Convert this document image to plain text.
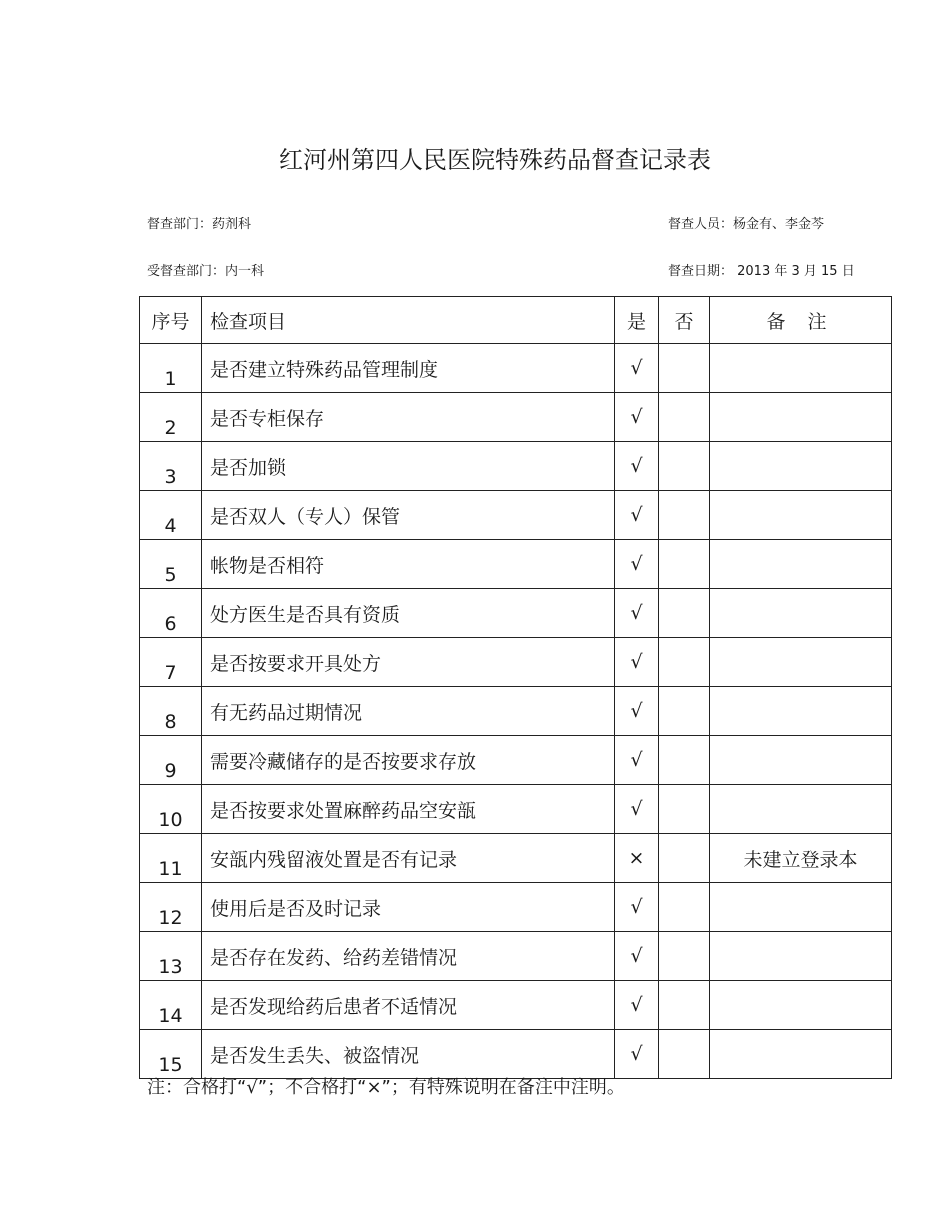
红河州第四人民医院特殊药品督查记录表
督查部门：药剂科	督查人员：杨金有、李金芩
受督查部门：内一科	督查日期： 2013 年 3 月 15 日
序号	检查项目	是	否	备 注
1	是否建立特殊药品管理制度	√		
2	是否专柜保存	√		
3	是否加锁	√		
4	是否双人（专人）保管	√		
5	帐物是否相符	√		
6	处方医生是否具有资质	√		
7	是否按要求开具处方	√		
8	有无药品过期情况	√		
9	需要冷藏储存的是否按要求存放	√		
10	是否按要求处置麻醉药品空安瓿	√		
11	安瓿内残留液处置是否有记录	×		未建立登录本
12	使用后是否及时记录	√		
13	是否存在发药、给药差错情况	√		
14	是否发现给药后患者不适情况	√		
15	是否发生丢失、被盗情况	√		
注：合格打“√”；不合格打“×”；有特殊说明在备注中注明。
